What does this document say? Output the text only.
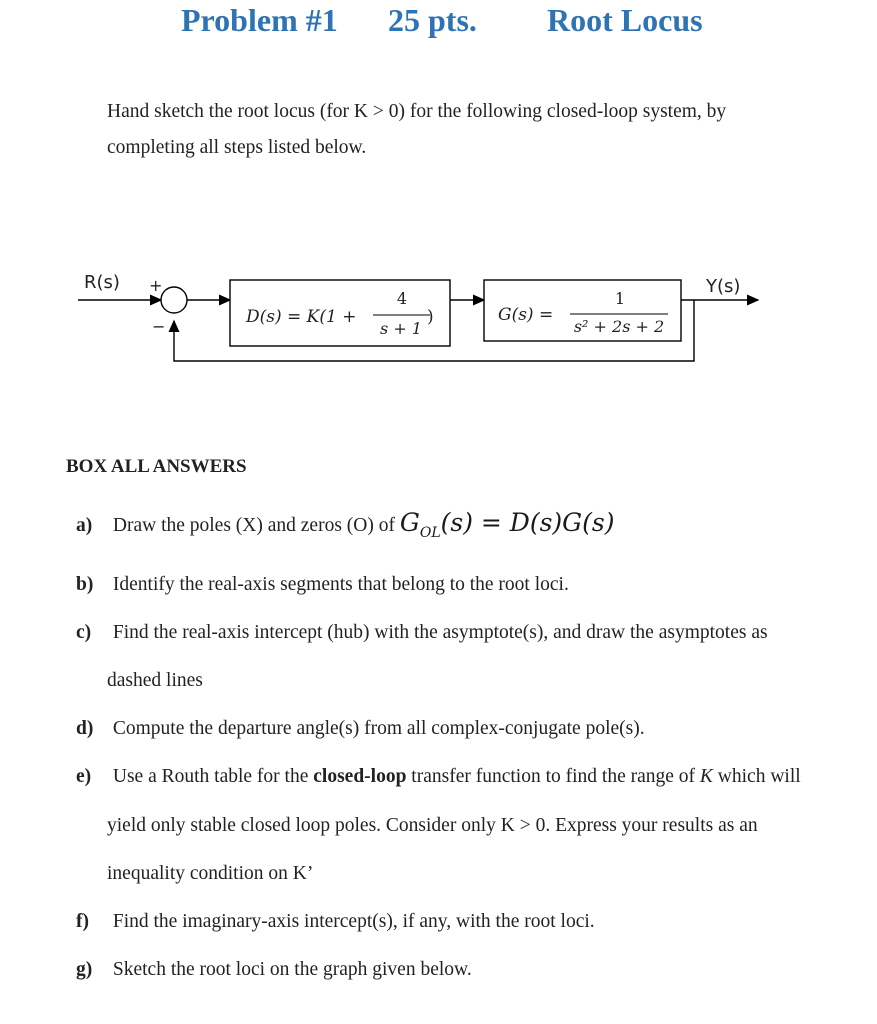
Problem #1 25 pts. Root Locus
Hand sketch the root locus (for K > 0) for the following closed-loop system, by completing all steps listed below.
R(s)	Y(s)
+
−	D(s) = K(1 +
4
s + 1
)	G(s) =
1
s² + 2s + 2
BOX ALL ANSWERS
a) Draw the poles (X) and zeros (O) of $G_{OL}(s) = D(s)G(s)$
b) Identify the real-axis segments that belong to the root loci.
c) Find the real-axis intercept (hub) with the asymptote(s), and draw the asymptotes as
dashed lines
d) Compute the departure angle(s) from all complex-conjugate pole(s).
e) Use a Routh table for the closed-loop transfer function to find the range of K which will
yield only stable closed loop poles. Consider only K > 0. Express your results as an
inequality condition on K’
f) Find the imaginary-axis intercept(s), if any, with the root loci.
g) Sketch the root loci on the graph given below.
